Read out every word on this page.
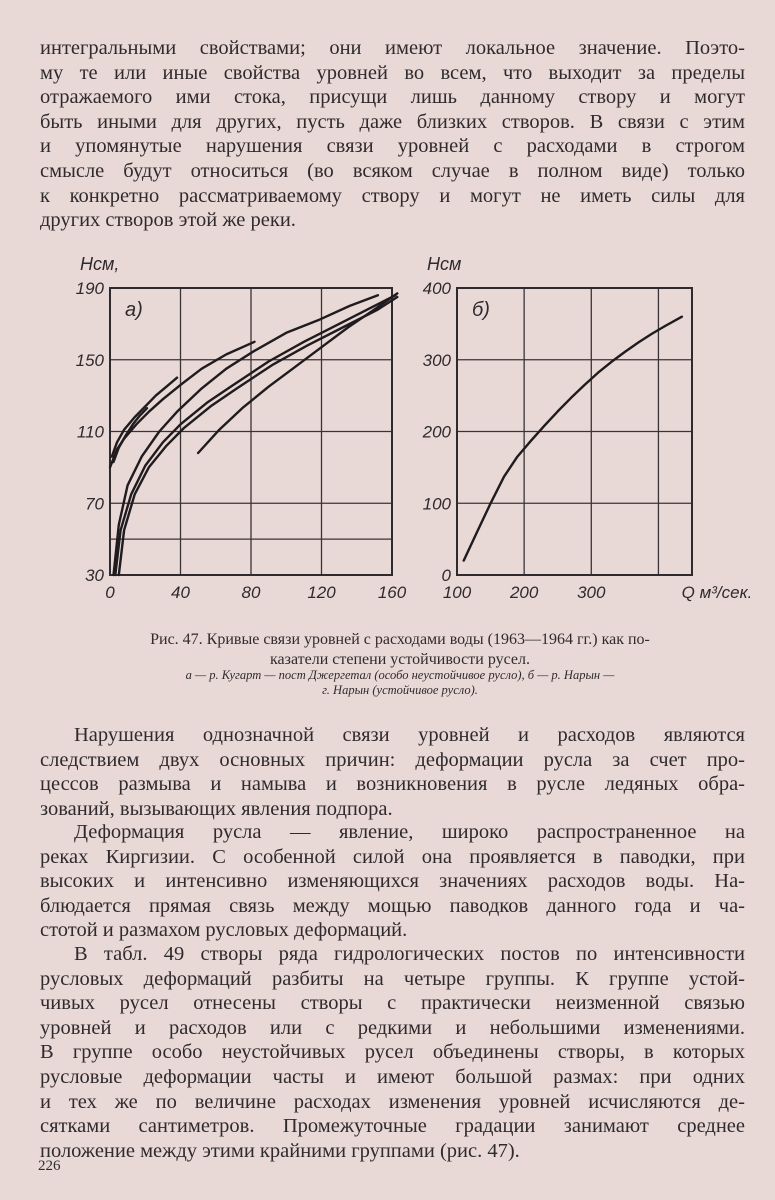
интегральными свойствами; они имеют локальное значение. Поэто-
му те или иные свойства уровней во всем, что выходит за пределы
отражаемого ими стока, присущи лишь данному створу и могут
быть иными для других, пусть даже близких створов. В связи с этим
и упомянутые нарушения связи уровней с расходами в строгом
смысле будут относиться (во всяком случае в полном виде) только
к конкретно рассматриваемому створу и могут не иметь силы для
других створов этой же реки.
0	40	80	120 160
30
70
110
150
190
а)
Нсм,
100 200 300
0
100
200
300
400
б)
Нсм
Q м³/сек.
Рис. 47. Кривые связи уровней с расходами воды (1963—1964 гг.) как по-
казатели степени устойчивости русел.
а — р. Кугарт — пост Джергетал (особо неустойчивое русло), б — р. Нарын —
г. Нарын (устойчивое русло).
Нарушения однозначной связи уровней и расходов являются
следствием двух основных причин: деформации русла за счет про-
цессов размыва и намыва и возникновения в русле ледяных обра-
зований, вызывающих явления подпора.
Деформация русла — явление, широко распространенное на
реках Киргизии. С особенной силой она проявляется в паводки, при
высоких и интенсивно изменяющихся значениях расходов воды. На-
блюдается прямая связь между мощью паводков данного года и ча-
стотой и размахом русловых деформаций.
В табл. 49 створы ряда гидрологических постов по интенсивности
русловых деформаций разбиты на четыре группы. К группе устой-
чивых русел отнесены створы с практически неизменной связью
уровней и расходов или с редкими и небольшими изменениями.
В группе особо неустойчивых русел объединены створы, в которых
русловые деформации часты и имеют большой размах: при одних
и тех же по величине расходах изменения уровней исчисляются де-
сятками сантиметров. Промежуточные градации занимают среднее
положение между этими крайними группами (рис. 47).
226
